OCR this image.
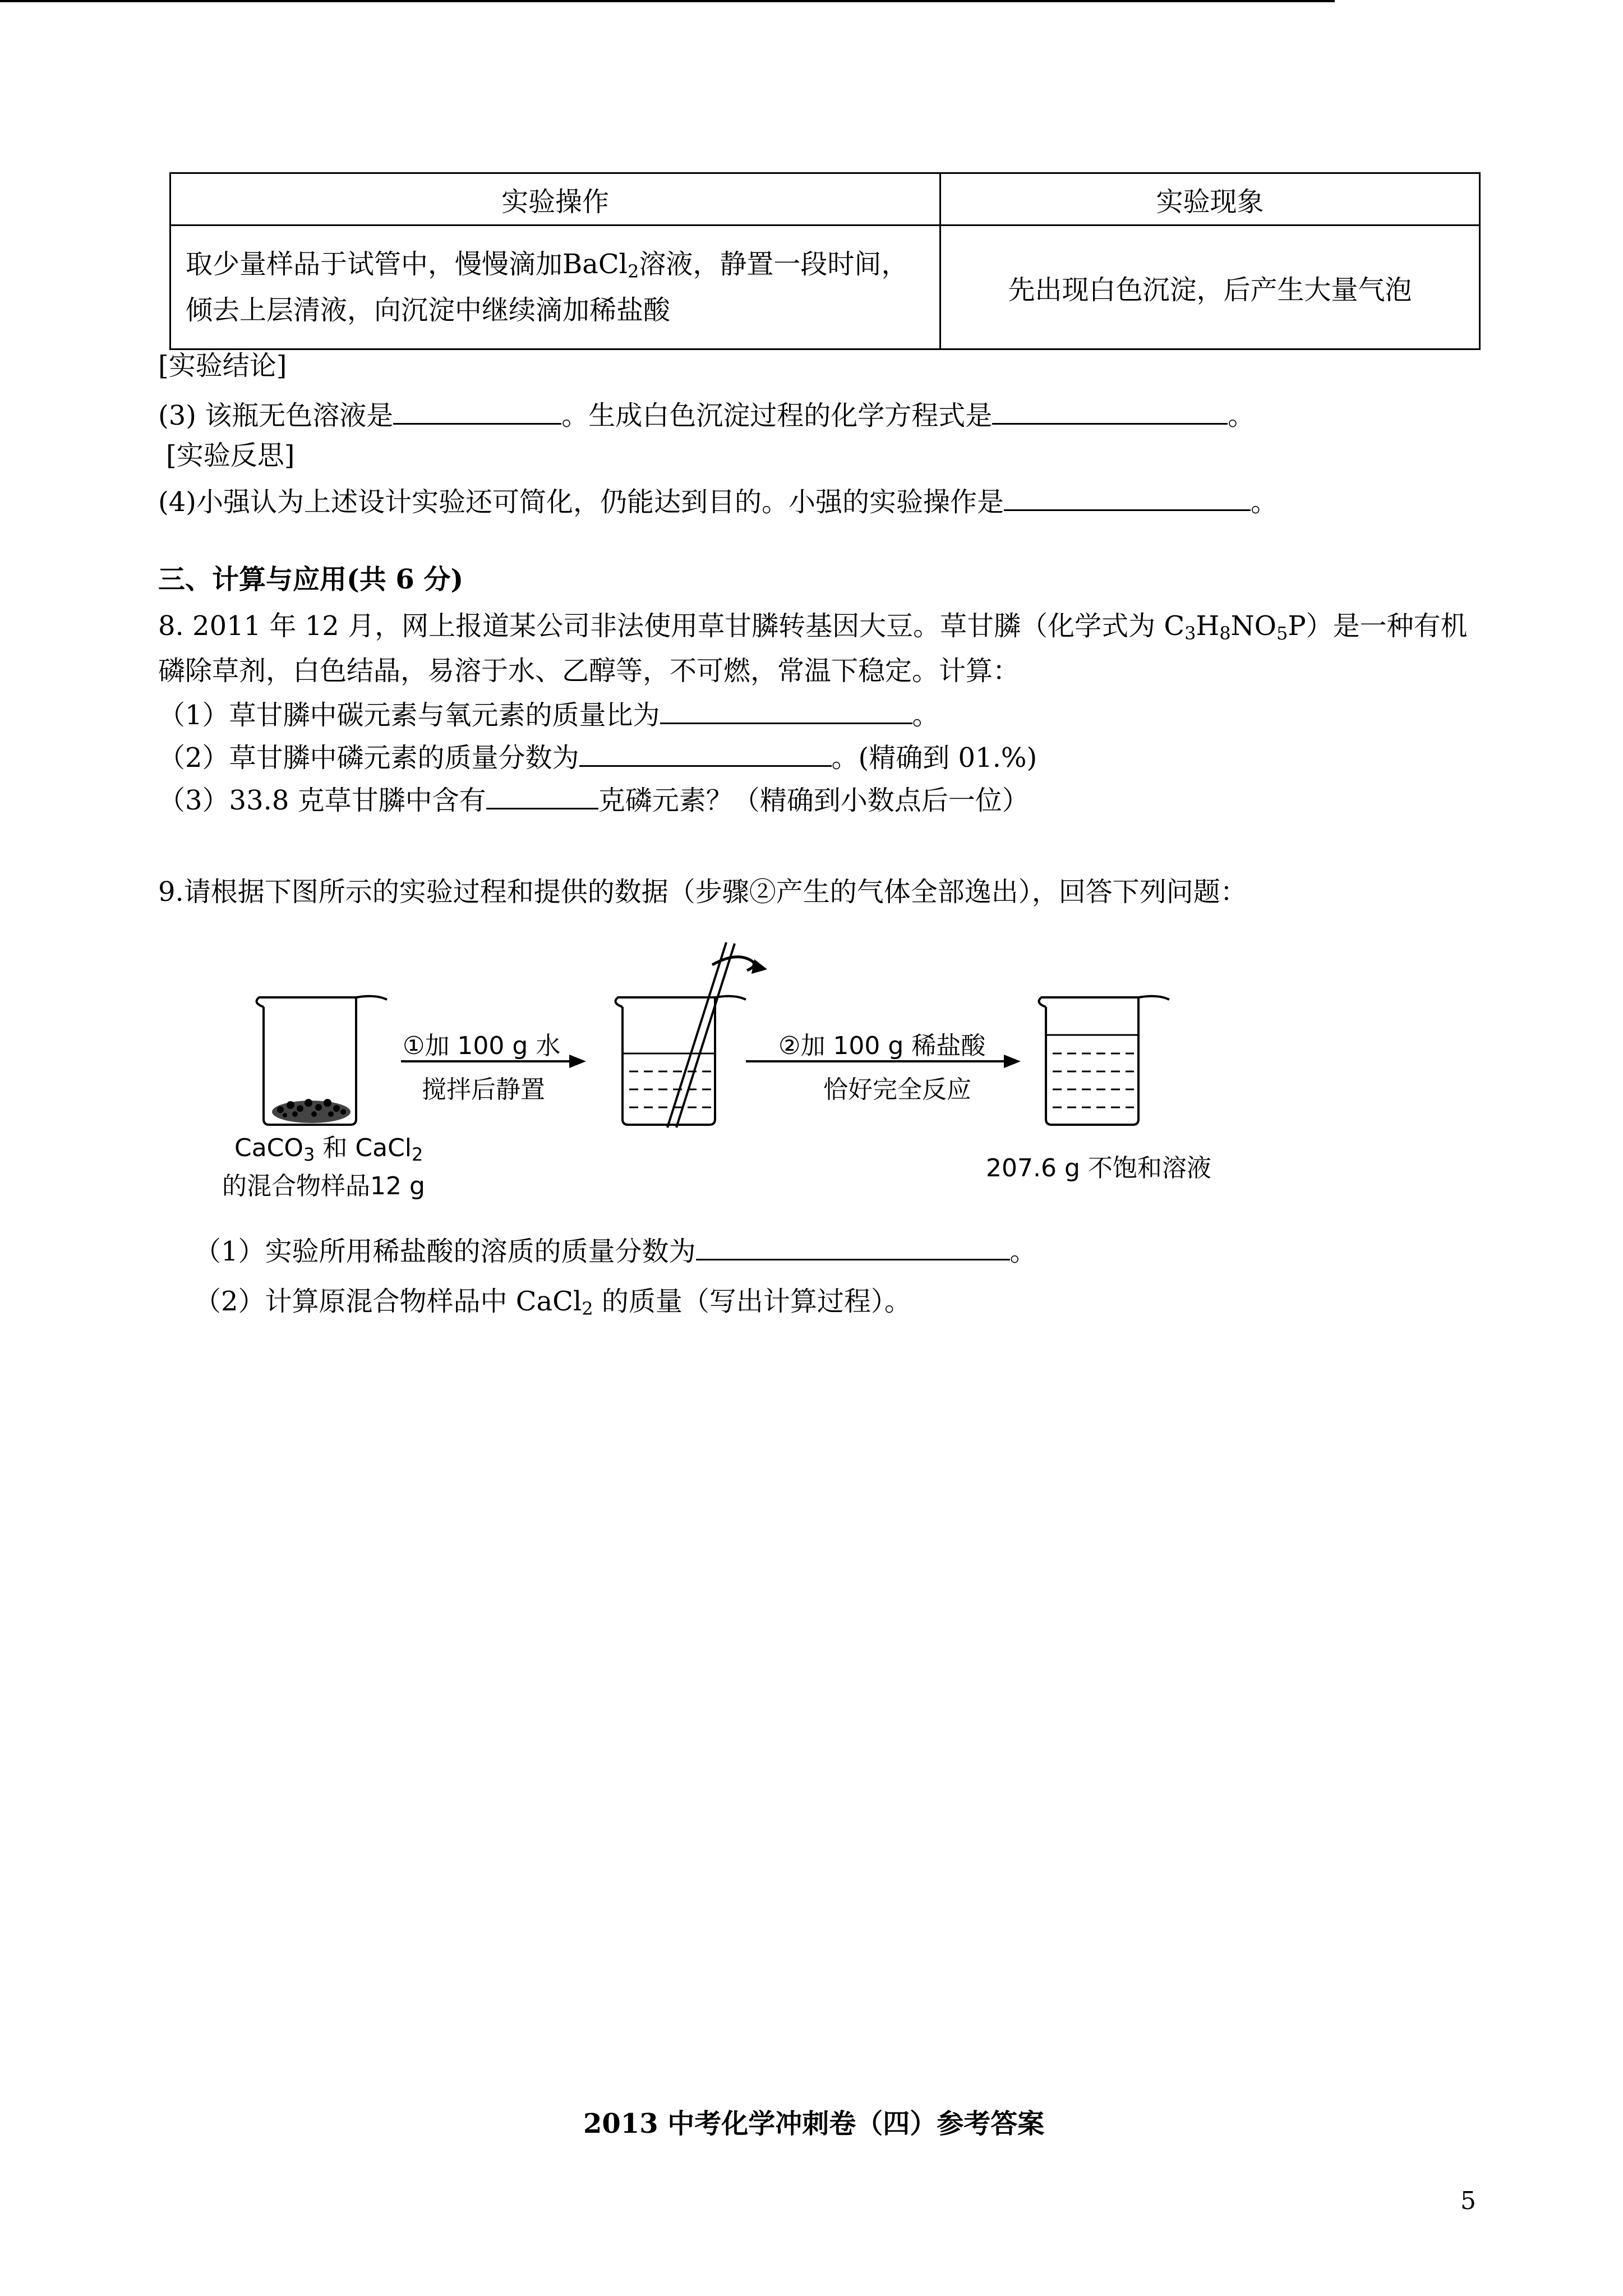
实验操作	实验现象
取少量样品于试管中，慢慢滴加BaCl$_2$溶液，静置一段时间，
倾去上层清液，向沉淀中继续滴加稀盐酸	先出现白色沉淀，后产生大量气泡
[实验结论]
(3) 该瓶无色溶液是	。生成白色沉淀过程的化学方程式是	。
[实验反思]
(4)小强认为上述设计实验还可简化，仍能达到目的。小强的实验操作是	。
三、计算与应用(共 6 分)
8. 2011 年 12 月，网上报道某公司非法使用草甘膦转基因大豆。草甘膦（化学式为 $C_3H_8NO_5P$）是一种有机
磷除草剂，白色结晶，易溶于水、乙醇等，不可燃，常温下稳定。计算：
（1）草甘膦中碳元素与氧元素的质量比为	。
（2）草甘膦中磷元素的质量分数为	。(精确到 01.%)
（3）33.8 克草甘膦中含有	克磷元素？（精确到小数点后一位）
9.请根据下图所示的实验过程和提供的数据（步骤②产生的气体全部逸出），回答下列问题：
①加 100 g 水
搅拌后静置
②加 100 g 稀盐酸
恰好完全反应
CaCO$_3$ 和 CaCl$_2$
的混合物样品12 g
207.6 g 不饱和溶液
（1）实验所用稀盐酸的溶质的质量分数为	。
（2）计算原混合物样品中 CaCl$_2$ 的质量（写出计算过程）。
2013 中考化学冲刺卷（四）参考答案
5
